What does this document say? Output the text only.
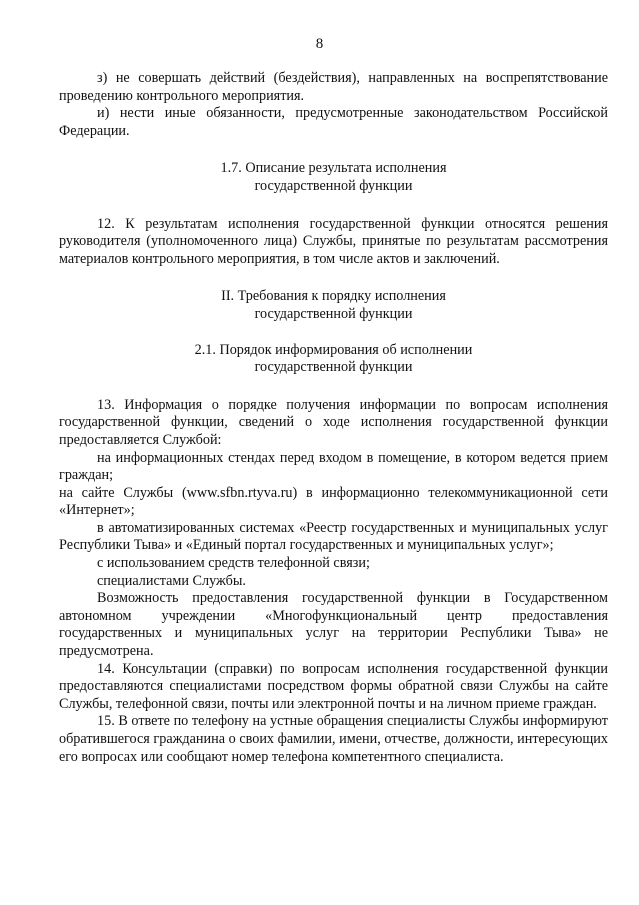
8

з) не совершать действий (бездействия), направленных на воспрепятствование проведению контрольного мероприятия.

и) нести иные обязанности, предусмотренные законодательством Российской Федерации.

1.7. Описание результата исполнения
государственной функции

12. К результатам исполнения государственной функции относятся решения руководителя (уполномоченного лица) Службы, принятые по результатам рассмотрения материалов контрольного мероприятия, в том числе актов и заключений.

II. Требования к порядку исполнения
государственной функции

2.1. Порядок информирования об исполнении
государственной функции

13. Информация о порядке получения информации по вопросам исполнения государственной функции, сведений о ходе исполнения государственной функции предоставляется Службой:

на информационных стендах перед входом в помещение, в котором ведется прием граждан;

на сайте Службы (www.sfbn.rtyva.ru) в информационно телекоммуникационной сети «Интернет»;

в автоматизированных системах «Реестр государственных и муниципальных услуг Республики Тыва» и «Единый портал государственных и муниципальных услуг»;

с использованием средств телефонной связи;

специалистами Службы.

Возможность предоставления государственной функции в Государственном автономном учреждении «Многофункциональный центр предоставления государственных и муниципальных услуг на территории Республики Тыва» не предусмотрена.

14. Консультации (справки) по вопросам исполнения государственной функции предоставляются специалистами посредством формы обратной связи Службы на сайте Службы, телефонной связи, почты или электронной почты и на личном приеме граждан.

15. В ответе по телефону на устные обращения специалисты Службы информируют обратившегося гражданина о своих фамилии, имени, отчестве, должности, интересующих его вопросах или сообщают номер телефона компетентного специалиста.
